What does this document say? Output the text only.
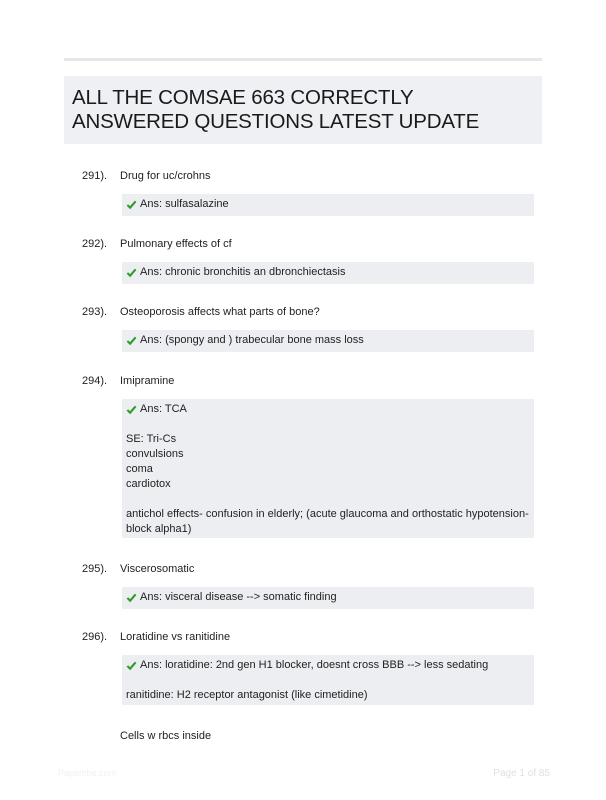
ALL THE COMSAE 663 CORRECTLY ANSWERED QUESTIONS LATEST UPDATE
291). Drug for uc/crohns
Ans: sulfasalazine
292). Pulmonary effects of cf
Ans: chronic bronchitis an dbronchiectasis
293). Osteoporosis affects what parts of bone?
Ans: (spongy and ) trabecular bone mass loss
294). Imipramine
Ans: TCA

SE: Tri-Cs
convulsions
coma
cardiotox

antichol effects- confusion in elderly; (acute glaucoma and orthostatic hypotension-block alpha1)
295). Viscerosomatic
Ans: visceral disease --> somatic finding
296). Loratidine vs ranitidine
Ans: loratidine: 2nd gen H1 blocker, doesnt cross BBB --> less sedating

ranitidine: H2 receptor antagonist (like cimetidine)
Cells w rbcs inside
Papertibe.com	Page 1 of 85
